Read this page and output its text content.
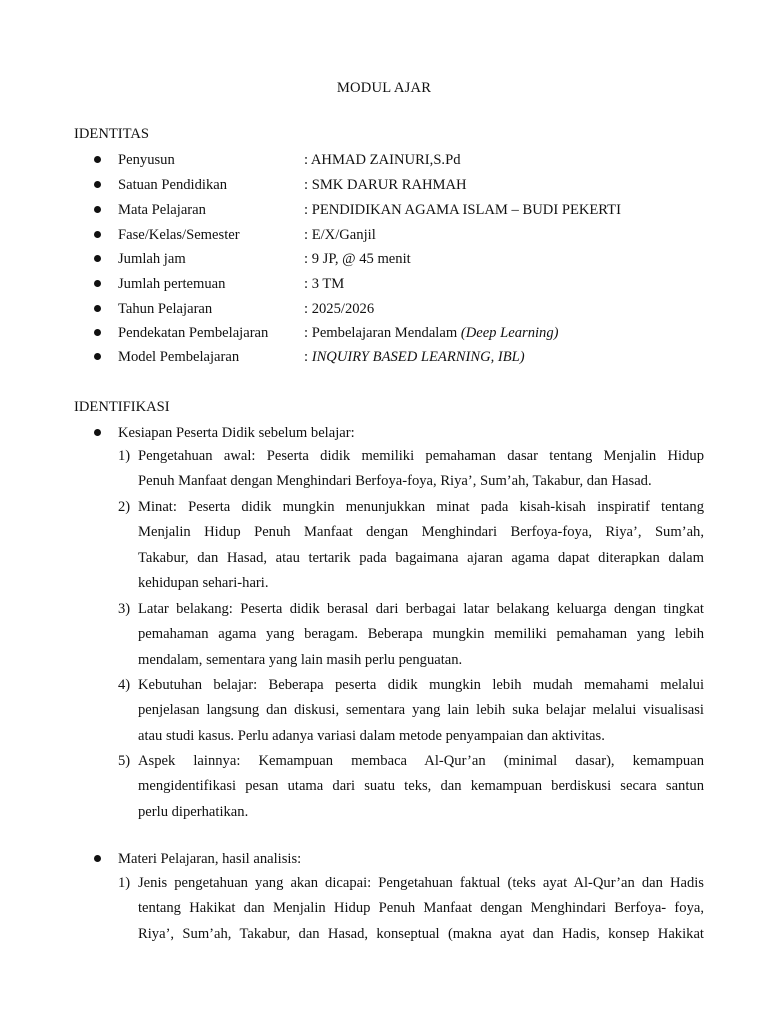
MODUL AJAR
IDENTITAS
Penyusun	: AHMAD ZAINURI,S.Pd
Satuan Pendidikan	: SMK DARUR RAHMAH
Mata Pelajaran	: PENDIDIKAN AGAMA ISLAM – BUDI PEKERTI
Fase/Kelas/Semester	: E/X/Ganjil
Jumlah jam	: 9 JP, @ 45 menit
Jumlah pertemuan	: 3 TM
Tahun Pelajaran	: 2025/2026
Pendekatan Pembelajaran : Pembelajaran Mendalam (Deep Learning)
Model Pembelajaran	: INQUIRY BASED LEARNING, IBL)
IDENTIFIKASI
Kesiapan Peserta Didik sebelum belajar:
1) Pengetahuan awal: Peserta didik memiliki pemahaman dasar tentang Menjalin Hidup
Penuh Manfaat dengan Menghindari Berfoya-foya, Riya’, Sum’ah, Takabur, dan Hasad.
2) Minat: Peserta didik mungkin menunjukkan minat pada kisah-kisah inspiratif tentang
Menjalin Hidup Penuh Manfaat dengan Menghindari Berfoya-foya, Riya’, Sum’ah,
Takabur, dan Hasad, atau tertarik pada bagaimana ajaran agama dapat diterapkan dalam
kehidupan sehari-hari.
3) Latar belakang: Peserta didik berasal dari berbagai latar belakang keluarga dengan tingkat
pemahaman agama yang beragam. Beberapa mungkin memiliki pemahaman yang lebih
mendalam, sementara yang lain masih perlu penguatan.
4) Kebutuhan belajar: Beberapa peserta didik mungkin lebih mudah memahami melalui
penjelasan langsung dan diskusi, sementara yang lain lebih suka belajar melalui visualisasi
atau studi kasus. Perlu adanya variasi dalam metode penyampaian dan aktivitas.
5) Aspek lainnya: Kemampuan membaca Al-Qur’an (minimal dasar), kemampuan
mengidentifikasi pesan utama dari suatu teks, dan kemampuan berdiskusi secara santun
perlu diperhatikan.
Materi Pelajaran, hasil analisis:
1) Jenis pengetahuan yang akan dicapai: Pengetahuan faktual (teks ayat Al-Qur’an dan Hadis
tentang Hakikat dan Menjalin Hidup Penuh Manfaat dengan Menghindari Berfoya- foya,
Riya’, Sum’ah, Takabur, dan Hasad, konseptual (makna ayat dan Hadis, konsep Hakikat
